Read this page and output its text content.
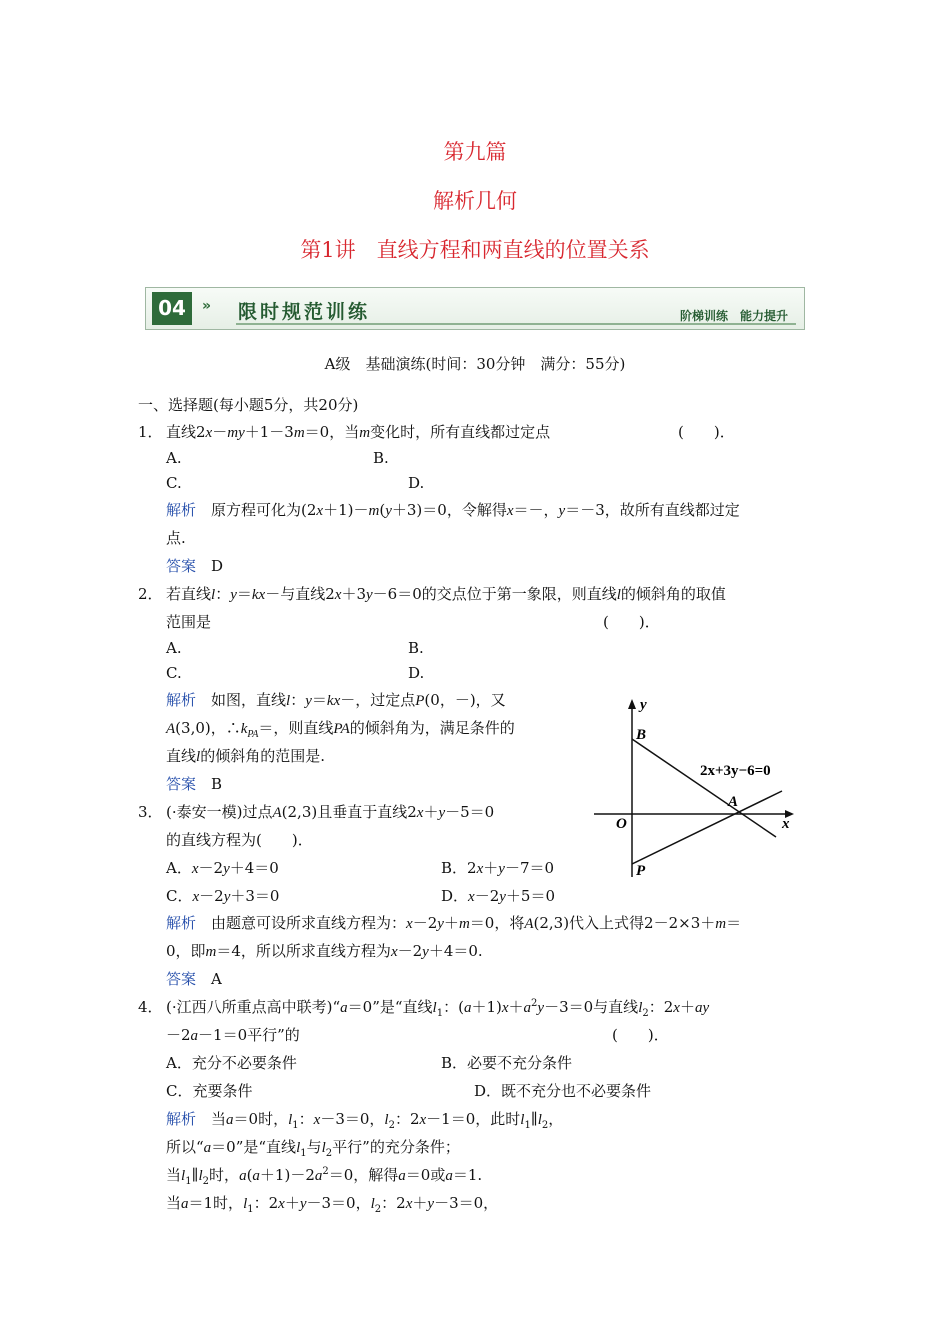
第九篇
解析几何
第1讲　直线方程和两直线的位置关系
04	» 限时规范训练	阶梯训练　能力提升
A级　基础演练(时间：30分钟　满分：55分)
一、选择题(每小题5分，共20分)
1． 直线2x－my＋1－3m＝0，当m变化时，所有直线都过定点	(　　)．
A.	B.
C.	D.
解析　原方程可化为(2x＋1)－m(y＋3)＝0，令解得x＝－，y＝－3，故所有直线都过定
点.
答案　 D
2． 若直线l：y＝kx－与直线2x＋3y－6＝0的交点位于第一象限，则直线l的倾斜角的取值
范围是	(　　)．
A.	B.
C.	D.
解析　如图，直线l：y＝kx－，过定点P(0，－)，又
A(3,0)，$\therefore k_{PA}=$，则直线PA的倾斜角为，满足条件的
直线l的倾斜角的范围是.
答案　 B
y
x
O
B
A
P
2x+3y−6=0
3． (·泰安一模)过点A(2,3)且垂直于直线2x＋y－5＝0
的直线方程为(　　)．
A．x－2y＋4＝0	B．2x＋y－7＝0
C．x－2y＋3＝0	D．x－2y＋5＝0
解析　由题意可设所求直线方程为：x－2y＋m＝0，将A(2,3)代入上式得2－2×3＋m＝
0，即m＝4，所以所求直线方程为x－2y＋4＝0.
答案　 A
4． (·江西八所重点高中联考)“a＝0”是“直线$l_1$：$(a+1)x+a^2y-3=0$与直线$l_2$：2x＋ay
－2a－1＝0平行”的	(　　)．
A．充分不必要条件	B．必要不充分条件
C．充要条件	D．既不充分也不必要条件
解析　当a＝0时，$l_1$：x－3＝0，$l_2$：2x－1＝0，此时$l_1\parallel l_2$，
所以“a＝0”是“直线$l_1$与$l_2$平行”的充分条件；
当$l_1\parallel l_2$时，$a(a+1)-2a^2=0$，解得a＝0或a＝1.
当a＝1时，$l_1$：2x＋y－3＝0，$l_2$：2x＋y－3＝0，
